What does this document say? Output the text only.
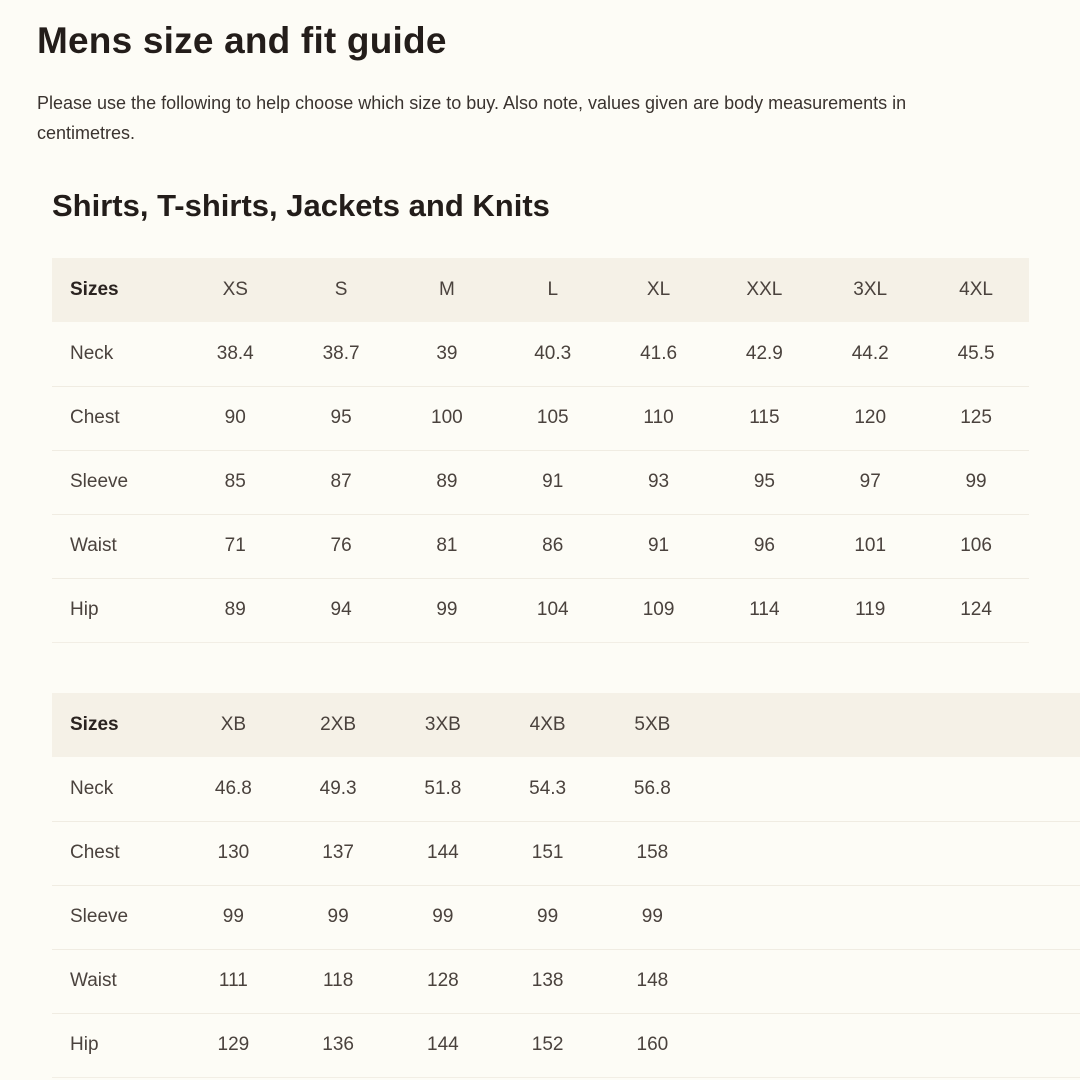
Mens size and fit guide

Please use the following to help choose which size to buy. Also note, values given are body measurements in centimetres.

Shirts, T-shirts, Jackets and Knits
Sizes	XS	S	M	L	XL	XXL	3XL	4XL
Neck	38.4	38.7	39	40.3	41.6	42.9	44.2	45.5
Chest	90	95	100	105	110	115	120	125
Sleeve	85	87	89	91	93	95	97	99
Waist	71	76	81	86	91	96	101	106
Hip	89	94	99	104	109	114	119	124
Sizes	XB	2XB	3XB	4XB	5XB	
Neck	46.8	49.3	51.8	54.3	56.8	
Chest	130	137	144	151	158	
Sleeve	99	99	99	99	99	
Waist	111	118	128	138	148	
Hip	129	136	144	152	160	
